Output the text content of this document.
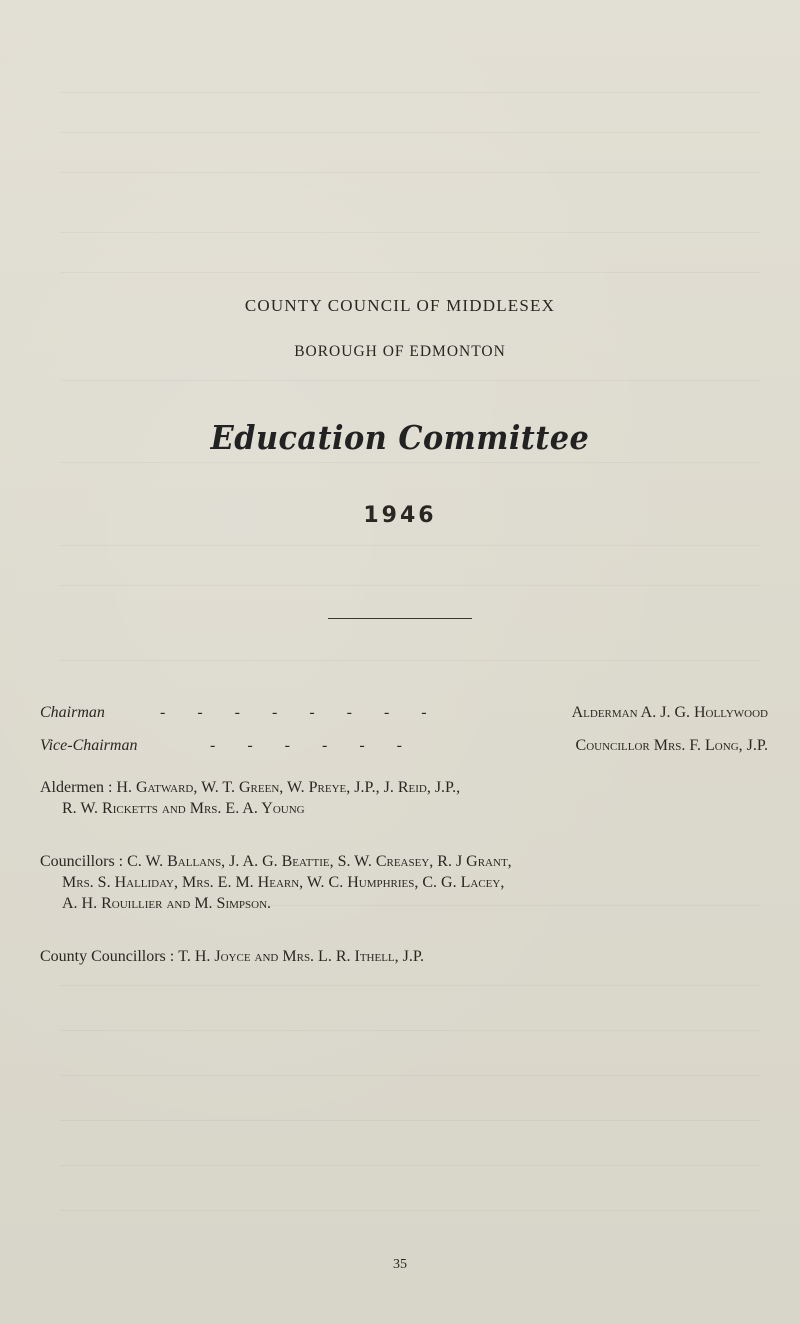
COUNTY COUNCIL OF MIDDLESEX
BOROUGH OF EDMONTON
Education Committee
1946
Chairman	- - - - - - - -	Alderman A. J. G. Hollywood
Vice-Chairman	- - - - - -	Councillor Mrs. F. Long, J.P.
Aldermen : H. Gatward, W. T. Green, W. Preye, J.P., J. Reid, J.P.,
R. W. Ricketts and Mrs. E. A. Young
Councillors : C. W. Ballans, J. A. G. Beattie, S. W. Creasey, R. J Grant,
Mrs. S. Halliday, Mrs. E. M. Hearn, W. C. Humphries, C. G. Lacey,
A. H. Rouillier and M. Simpson.
County Councillors : T. H. Joyce and Mrs. L. R. Ithell, J.P.
35
